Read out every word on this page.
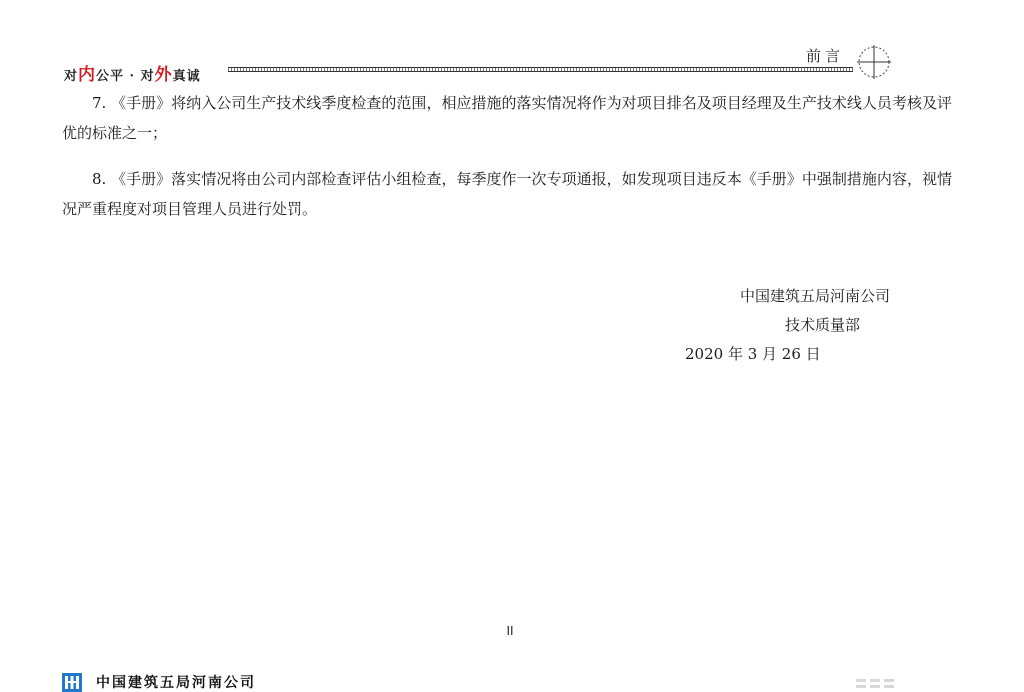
对内公平 · 对外真诚
前言

7. 《手册》将纳入公司生产技术线季度检查的范围，相应措施的落实情况将作为对项目排名及项目经理及生产技术线人员考核及评优的标准之一；

8. 《手册》落实情况将由公司内部检查评估小组检查，每季度作一次专项通报，如发现项目违反本《手册》中强制措施内容，视情况严重程度对项目管理人员进行处罚。

中国建筑五局河南公司
技术质量部
2020 年 3 月 26 日
II
中国建筑五局河南公司
